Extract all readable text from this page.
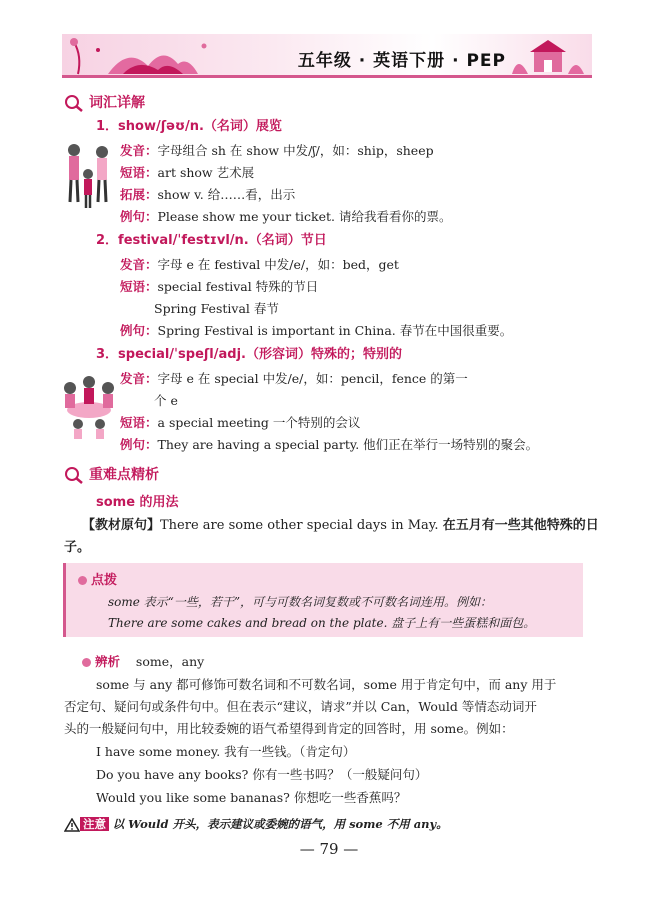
五年级 · 英语下册 · PEP
词汇详解
1．show/ʃəʊ/n.（名词）展览
发音：字母组合 sh 在 show 中发/ʃ/，如：ship，sheep
短语：art show 艺术展
拓展：show v. 给……看，出示
例句：Please show me your ticket. 请给我看看你的票。
2．festival/ˈfestɪvl/n.（名词）节日
发音：字母 e 在 festival 中发/e/，如：bed，get
短语：special festival 特殊的节日
Spring Festival 春节
例句：Spring Festival is important in China. 春节在中国很重要。
3．special/ˈspeʃl/adj.（形容词）特殊的；特别的
发音：字母 e 在 special 中发/e/，如：pencil，fence 的第一
个 e
短语：a special meeting 一个特别的会议
例句：They are having a special party. 他们正在举行一场特别的聚会。
重难点精析
some 的用法
【教材原句】There are some other special days in May. 在五月有一些其他特殊的日
子。
点拨
some 表示“一些，若干”，可与可数名词复数或不可数名词连用。例如：
There are some cakes and bread on the plate. 盘子上有一些蛋糕和面包。
辨析 some，any
some 与 any 都可修饰可数名词和不可数名词，some 用于肯定句中，而 any 用于
否定句、疑问句或条件句中。但在表示“建议，请求”并以 Can，Would 等情态动词开
头的一般疑问句中，用比较委婉的语气希望得到肯定的回答时，用 some。例如：
I have some money. 我有一些钱。（肯定句）
Do you have any books? 你有一些书吗？（一般疑问句）
Would you like some bananas? 你想吃一些香蕉吗？
注意 以 Would 开头，表示建议或委婉的语气，用 some 不用 any。
— 79 —
